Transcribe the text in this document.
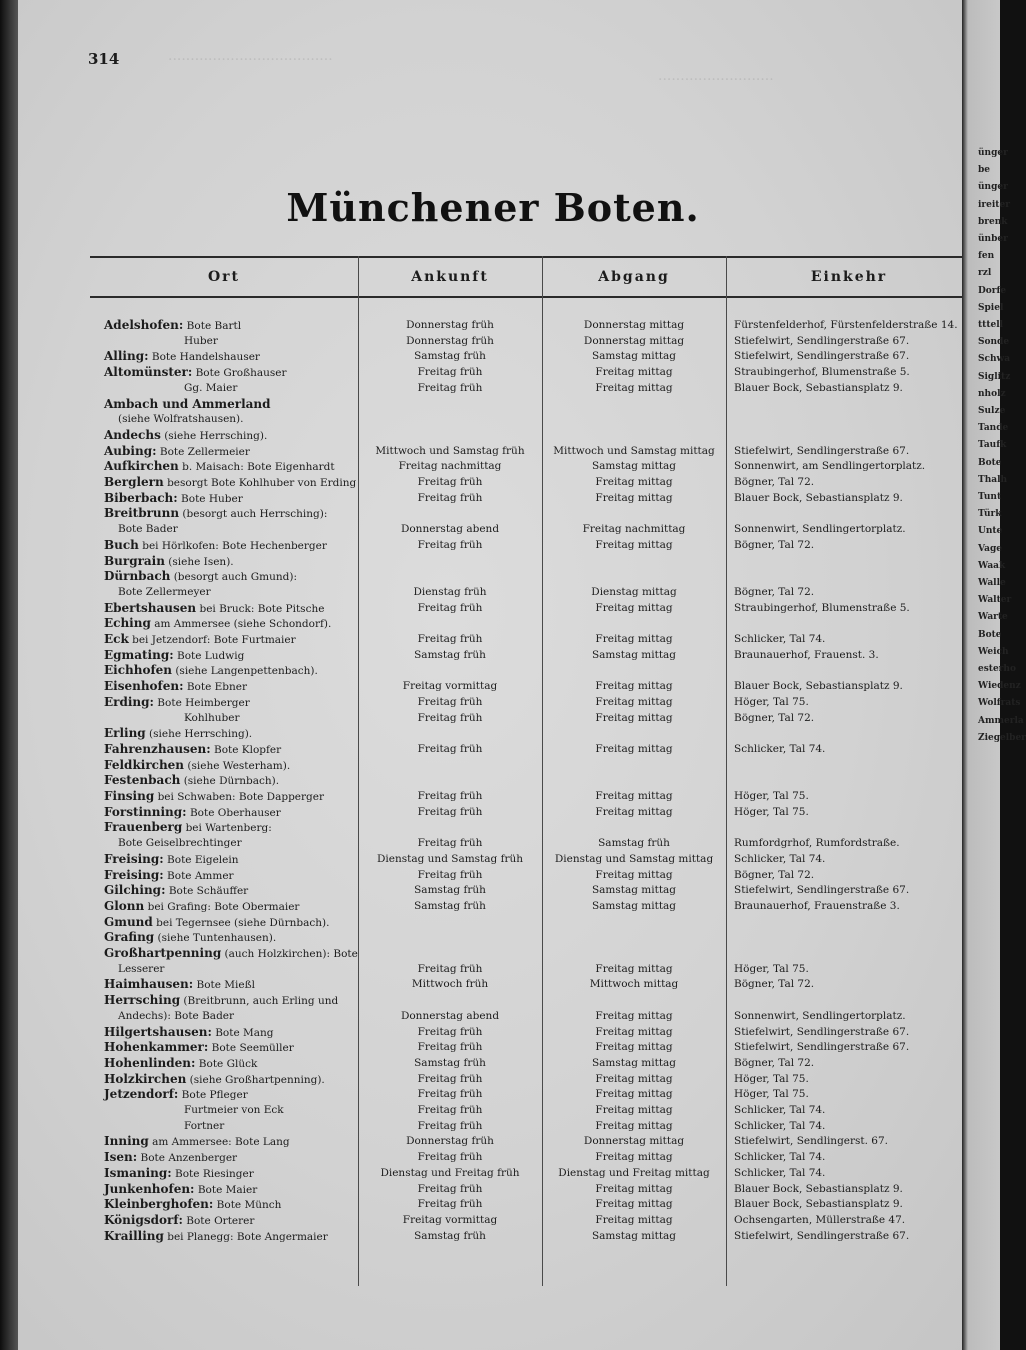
314	·····································
··························
Münchener Boten.
Ort	Ankunft	Abgang	Einkehr
Adelshofen: Bote Bartl	Donnerstag früh	Donnerstag mittag	Fürstenfelderhof, Fürstenfelderstraße 14.
Huber	Donnerstag früh	Donnerstag mittag	Stiefelwirt, Sendlingerstraße 67.
Alling: Bote Handelshauser	Samstag früh	Samstag mittag	Stiefelwirt, Sendlingerstraße 67.
Altomünster: Bote Großhauser	Freitag früh	Freitag mittag	Straubingerhof, Blumenstraße 5.
Gg. Maier	Freitag früh	Freitag mittag	Blauer Bock, Sebastiansplatz 9.
Ambach und Ammerland
(siehe Wolfratshausen).
Andechs (siehe Herrsching).
Aubing: Bote Zellermeier	Mittwoch und Samstag früh	Mittwoch und Samstag mittag	Stiefelwirt, Sendlingerstraße 67.
Aufkirchen b. Maisach: Bote Eigenhardt	Freitag nachmittag	Samstag mittag	Sonnenwirt, am Sendlingertorplatz.
Berglern besorgt Bote Kohlhuber von Erding	Freitag früh	Freitag mittag	Bögner, Tal 72.
Biberbach: Bote Huber	Freitag früh	Freitag mittag	Blauer Bock, Sebastiansplatz 9.
Breitbrunn (besorgt auch Herrsching):
Bote Bader	Donnerstag abend	Freitag nachmittag	Sonnenwirt, Sendlingertorplatz.
Buch bei Hörlkofen: Bote Hechenberger	Freitag früh	Freitag mittag	Bögner, Tal 72.
Burgrain (siehe Isen).
Dürnbach (besorgt auch Gmund):
Bote Zellermeyer	Dienstag früh	Dienstag mittag	Bögner, Tal 72.
Ebertshausen bei Bruck: Bote Pitsche	Freitag früh	Freitag mittag	Straubingerhof, Blumenstraße 5.
Eching am Ammersee (siehe Schondorf).
Eck bei Jetzendorf: Bote Furtmaier	Freitag früh	Freitag mittag	Schlicker, Tal 74.
Egmating: Bote Ludwig	Samstag früh	Samstag mittag	Braunauerhof, Frauenst. 3.
Eichhofen (siehe Langenpettenbach).
Eisenhofen: Bote Ebner	Freitag vormittag	Freitag mittag	Blauer Bock, Sebastiansplatz 9.
Erding: Bote Heimberger	Freitag früh	Freitag mittag	Höger, Tal 75.
Kohlhuber	Freitag früh	Freitag mittag	Bögner, Tal 72.
Erling (siehe Herrsching).
Fahrenzhausen: Bote Klopfer	Freitag früh	Freitag mittag	Schlicker, Tal 74.
Feldkirchen (siehe Westerham).
Festenbach (siehe Dürnbach).
Finsing bei Schwaben: Bote Dapperger	Freitag früh	Freitag mittag	Höger, Tal 75.
Forstinning: Bote Oberhauser	Freitag früh	Freitag mittag	Höger, Tal 75.
Frauenberg bei Wartenberg:
Bote Geiselbrechtinger	Freitag früh	Samstag früh	Rumfordgrhof, Rumfordstraße.
Freising: Bote Eigelein	Dienstag und Samstag früh	Dienstag und Samstag mittag	Schlicker, Tal 74.
Freising: Bote Ammer	Freitag früh	Freitag mittag	Bögner, Tal 72.
Gilching: Bote Schäuffer	Samstag früh	Samstag mittag	Stiefelwirt, Sendlingerstraße 67.
Glonn bei Grafing: Bote Obermaier	Samstag früh	Samstag mittag	Braunauerhof, Frauenstraße 3.
Gmund bei Tegernsee (siehe Dürnbach).
Grafing (siehe Tuntenhausen).
Großhartpenning (auch Holzkirchen): Bote
Lesserer	Freitag früh	Freitag mittag	Höger, Tal 75.
Haimhausen: Bote Mießl	Mittwoch früh	Mittwoch mittag	Bögner, Tal 72.
Herrsching (Breitbrunn, auch Erling und
Andechs): Bote Bader	Donnerstag abend	Freitag mittag	Sonnenwirt, Sendlingertorplatz.
Hilgertshausen: Bote Mang	Freitag früh	Freitag mittag	Stiefelwirt, Sendlingerstraße 67.
Hohenkammer: Bote Seemüller	Freitag früh	Freitag mittag	Stiefelwirt, Sendlingerstraße 67.
Hohenlinden: Bote Glück	Samstag früh	Samstag mittag	Bögner, Tal 72.
Holzkirchen (siehe Großhartpenning).	Freitag früh	Freitag mittag	Höger, Tal 75.
Jetzendorf: Bote Pfleger	Freitag früh	Freitag mittag	Höger, Tal 75.
Furtmeier von Eck	Freitag früh	Freitag mittag	Schlicker, Tal 74.
Fortner	Freitag früh	Freitag mittag	Schlicker, Tal 74.
Inning am Ammersee: Bote Lang	Donnerstag früh	Donnerstag mittag	Stiefelwirt, Sendlingerst. 67.
Isen: Bote Anzenberger	Freitag früh	Freitag mittag	Schlicker, Tal 74.
Ismaning: Bote Riesinger	Dienstag und Freitag früh	Dienstag und Freitag mittag	Schlicker, Tal 74.
Junkenhofen: Bote Maier	Freitag früh	Freitag mittag	Blauer Bock, Sebastiansplatz 9.
Kleinberghofen: Bote Münch	Freitag früh	Freitag mittag	Blauer Bock, Sebastiansplatz 9.
Königsdorf: Bote Orterer	Freitag vormittag	Freitag mittag	Ochsengarten, Müllerstraße 47.
Krailling bei Planegg: Bote Angermaier	Samstag früh	Samstag mittag	Stiefelwirt, Sendlingerstraße 67.
ünger
be
ünger
ireiter
brenk
ünber
fen
rzl
Dorfe
Spiel
tttell
Sonde
Schwa
Siglitz
nholz
Sulze
Tande
Taufk
Bote
Thalh
Tunt
Türk
Unte
Vage
Waak
Walle
Walter
Warte
Bote
Weich
esterho
Wiedenz
Wolfrats
Ammerla
Ziegelber
